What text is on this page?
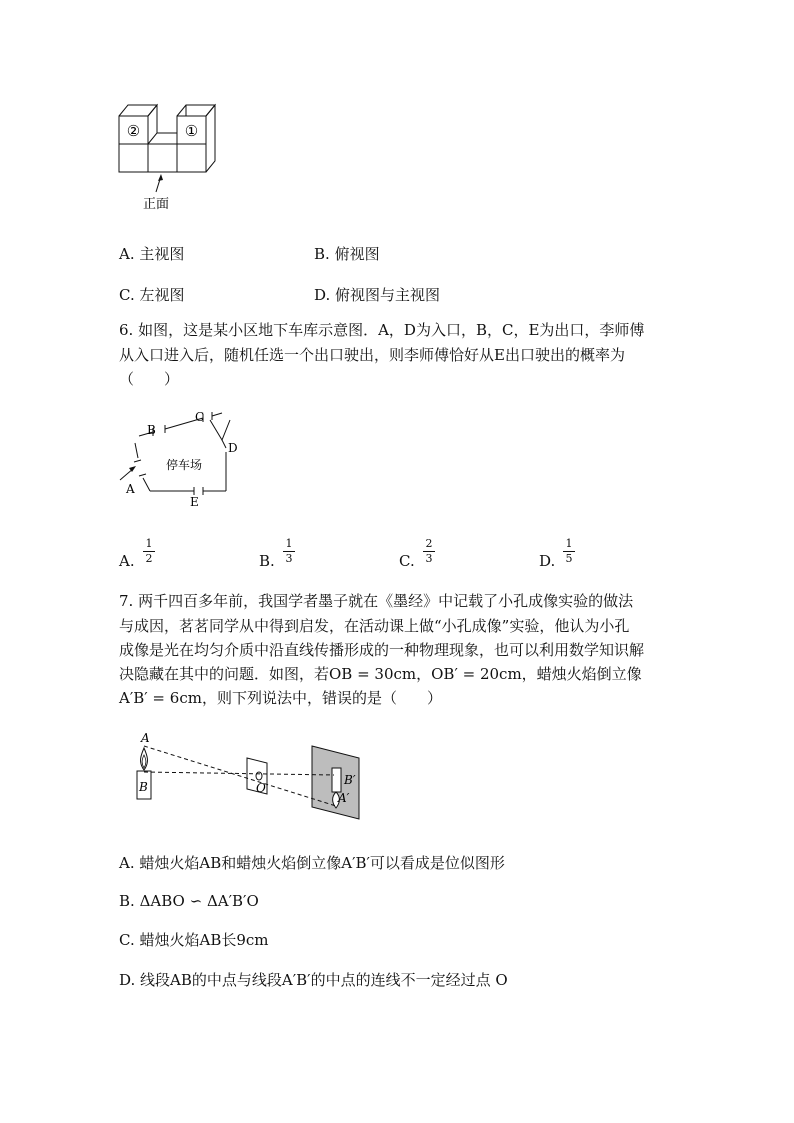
②	①
正面
A. 主视图	B. 俯视图
C. 左视图	D. 俯视图与主视图
6. 如图，这是某小区地下车库示意图．A，D为入口，B，C，E为出口，李师傅
从入口进入后，随机任选一个出口驶出，则李师傅恰好从E出口驶出的概率为
（　　）
B
C
D
A
E
停车场
A.
1
2	B.
1
3	C.
2
3	D.
1
5
7. 两千四百多年前，我国学者墨子就在《墨经》中记载了小孔成像实验的做法
与成因，茗茗同学从中得到启发，在活动课上做“小孔成像”实验，他认为小孔
成像是光在均匀介质中沿直线传播形成的一种物理现象，也可以利用数学知识解
决隐藏在其中的问题．如图，若OB = 30cm，OB′ = 20cm，蜡烛火焰倒立像
A′B′ = 6cm，则下列说法中，错误的是（　　）
A
B	O
B′
A′
A. 蜡烛火焰AB和蜡烛火焰倒立像A′B′可以看成是位似图形
B. ΔABO ∽ ΔA′B′O
C. 蜡烛火焰AB长9cm
D. 线段AB的中点与线段A′B′的中点的连线不一定经过点 O
